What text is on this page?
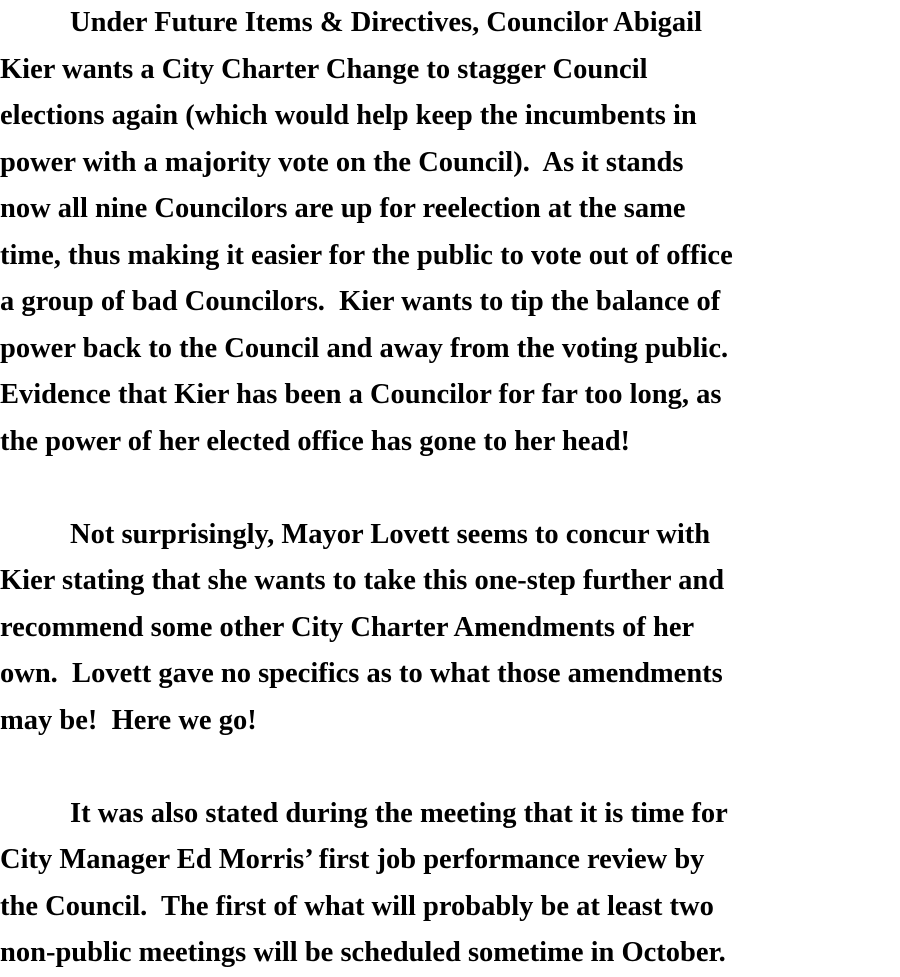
Under Future Items & Directives, Councilor Abigail
Kier wants a City Charter Change to stagger Council
elections again (which would help keep the incumbents in
power with a majority vote on the Council).  As it stands
now all nine Councilors are up for reelection at the same
time, thus making it easier for the public to vote out of office
a group of bad Councilors.  Kier wants to tip the balance of
power back to the Council and away from the voting public.
Evidence that Kier has been a Councilor for far too long, as
the power of her elected office has gone to her head!
Not surprisingly, Mayor Lovett seems to concur with
Kier stating that she wants to take this one-step further and
recommend some other City Charter Amendments of her
own.  Lovett gave no specifics as to what those amendments
may be!  Here we go!
It was also stated during the meeting that it is time for
City Manager Ed Morris’ first job performance review by
the Council.  The first of what will probably be at least two
non-public meetings will be scheduled sometime in October.
